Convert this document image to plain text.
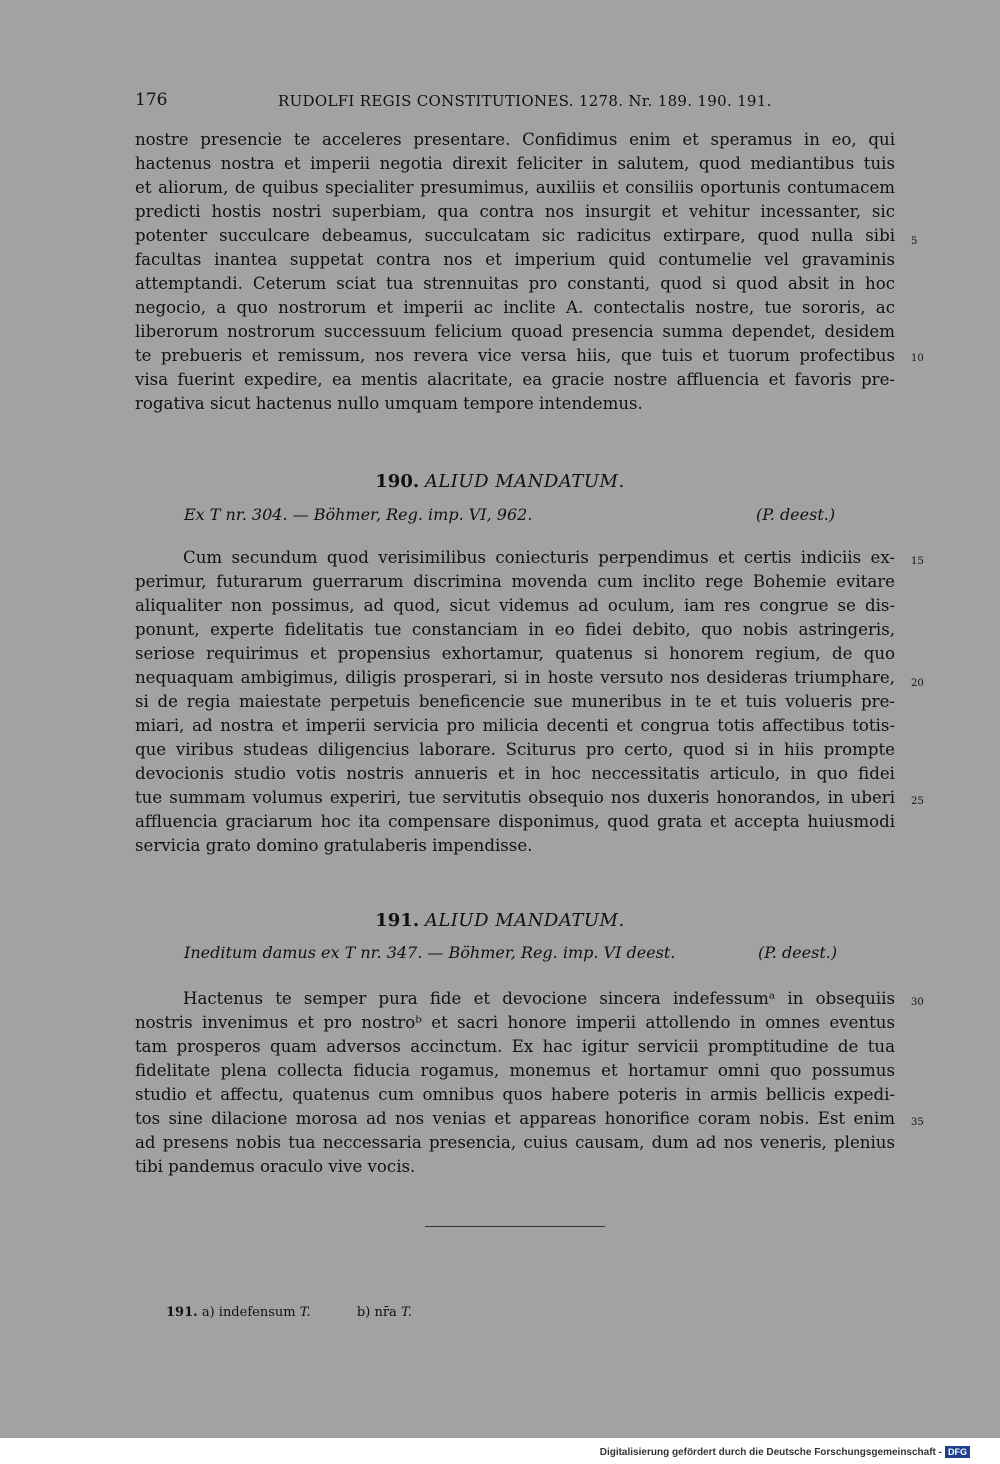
176	RUDOLFI REGIS CONSTITUTIONES. 1278. Nr. 189. 190. 191.
nostre presencie te acceleres presentare. Confidimus enim et speramus in eo, qui
hactenus nostra et imperii negotia direxit feliciter in salutem, quod mediantibus tuis
et aliorum, de quibus specialiter presumimus, auxiliis et consiliis oportunis contumacem
predicti hostis nostri superbiam, qua contra nos insurgit et vehitur incessanter, sic
potenter succulcare debeamus, succulcatam sic radicitus extirpare, quod nulla sibi
facultas inantea suppetat contra nos et imperium quid contumelie vel gravaminis
attemptandi. Ceterum sciat tua strennuitas pro constanti, quod si quod absit in hoc
negocio, a quo nostrorum et imperii ac inclite A. contectalis nostre, tue sororis, ac
liberorum nostrorum successuum felicium quoad presencia summa dependet, desidem
te prebueris et remissum, nos revera vice versa hiis, que tuis et tuorum profectibus
visa fuerint expedire, ea mentis alacritate, ea gracie nostre affluencia et favoris pre-
rogativa sicut hactenus nullo umquam tempore intendemus.
5
10
190. ALIUD MANDATUM.
Ex T nr. 304. — Böhmer, Reg. imp. VI, 962.	(P. deest.)
Cum secundum quod verisimilibus coniecturis perpendimus et certis indiciis ex-
perimur, futurarum guerrarum discrimina movenda cum inclito rege Bohemie evitare
aliqualiter non possimus, ad quod, sicut videmus ad oculum, iam res congrue se dis-
ponunt, experte fidelitatis tue constanciam in eo fidei debito, quo nobis astringeris,
seriose requirimus et propensius exhortamur, quatenus si honorem regium, de quo
nequaquam ambigimus, diligis prosperari, si in hoste versuto nos desideras triumphare,
si de regia maiestate perpetuis beneficencie sue muneribus in te et tuis volueris pre-
miari, ad nostra et imperii servicia pro milicia decenti et congrua totis affectibus totis-
que viribus studeas diligencius laborare. Sciturus pro certo, quod si in hiis prompte
devocionis studio votis nostris annueris et in hoc neccessitatis articulo, in quo fidei
tue summam volumus experiri, tue servitutis obsequio nos duxeris honorandos, in uberi
affluencia graciarum hoc ita compensare disponimus, quod grata et accepta huiusmodi
servicia grato domino gratulaberis impendisse.
15
20
25
191. ALIUD MANDATUM.
Ineditum damus ex T nr. 347. — Böhmer, Reg. imp. VI deest.	(P. deest.)
Hactenus te semper pura fide et devocione sincera indefessumᵃ in obsequiis
nostris invenimus et pro nostroᵇ et sacri honore imperii attollendo in omnes eventus
tam prosperos quam adversos accinctum. Ex hac igitur servicii promptitudine de tua
fidelitate plena collecta fiducia rogamus, monemus et hortamur omni quo possumus
studio et affectu, quatenus cum omnibus quos habere poteris in armis bellicis expedi-
tos sine dilacione morosa ad nos venias et appareas honorifice coram nobis. Est enim
ad presens nobis tua neccessaria presencia, cuius causam, dum ad nos veneris, plenius
tibi pandemus oraculo vive vocis.
30
35
191. a) indefensum T.	b) nr̄a T.
Digitalisierung gefördert durch die Deutsche Forschungsgemeinschaft - DFG
